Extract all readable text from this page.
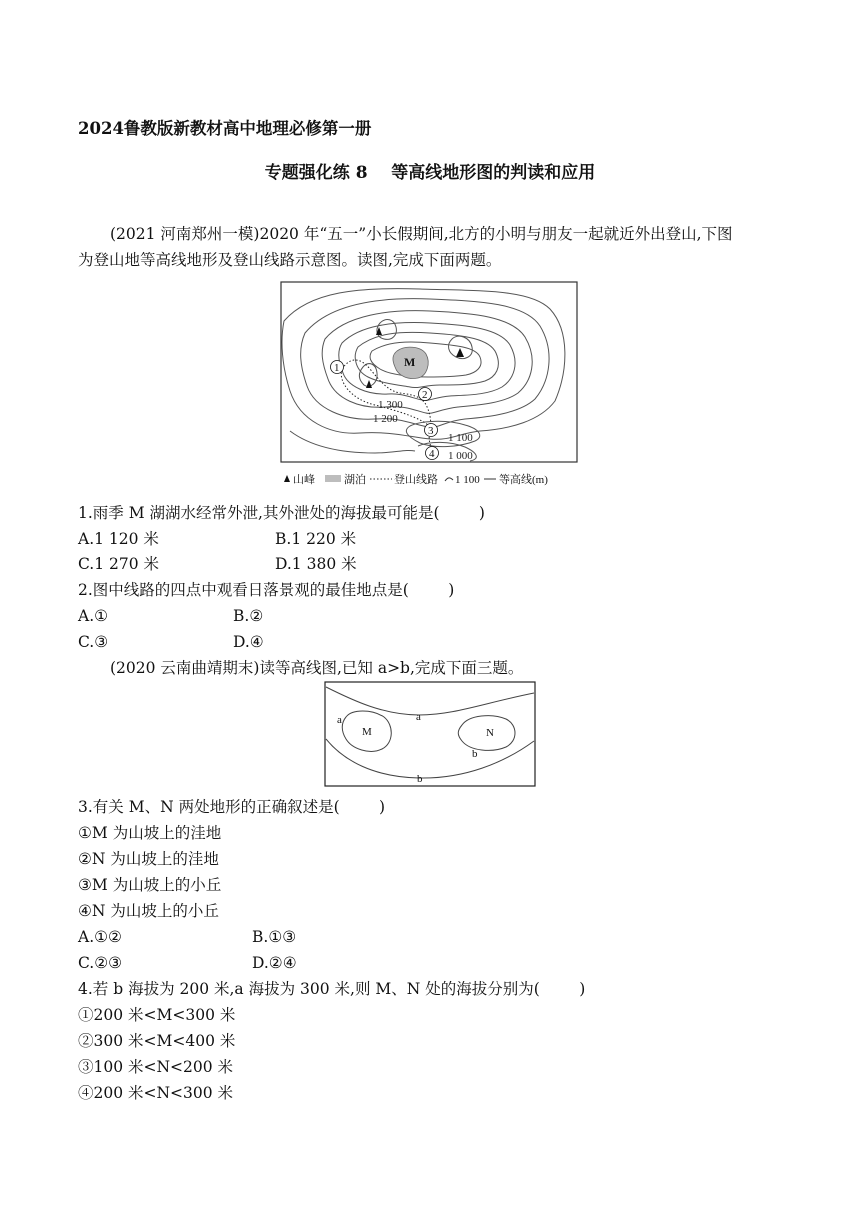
2024鲁教版新教材高中地理必修第一册
专题强化练 8    等高线地形图的判读和应用
(2021 河南郑州一模)2020 年“五一”小长假期间,北方的小明与朋友一起就近外出登山,下图
为登山地等高线地形及登山线路示意图。读图,完成下面两题。
M
1
2
3
4
1 300
1 200
1 100
1 000
山峰	湖泊	登山线路 1 100 等高线(m)
1.雨季 M 湖湖水经常外泄,其外泄处的海拔最可能是(        )
A.1 120 米	B.1 220 米
C.1 270 米	D.1 380 米
2.图中线路的四点中观看日落景观的最佳地点是(        )
A.①	B.②
C.③	D.④
(2020 云南曲靖期末)读等高线图,已知 a>b,完成下面三题。
a
M
a
N
b
b
3.有关 M、N 两处地形的正确叙述是(        )
①M 为山坡上的洼地
②N 为山坡上的洼地
③M 为山坡上的小丘
④N 为山坡上的小丘
A.①②	B.①③
C.②③	D.②④
4.若 b 海拔为 200 米,a 海拔为 300 米,则 M、N 处的海拔分别为(        )
①200 米<M<300 米
②300 米<M<400 米
③100 米<N<200 米
④200 米<N<300 米
